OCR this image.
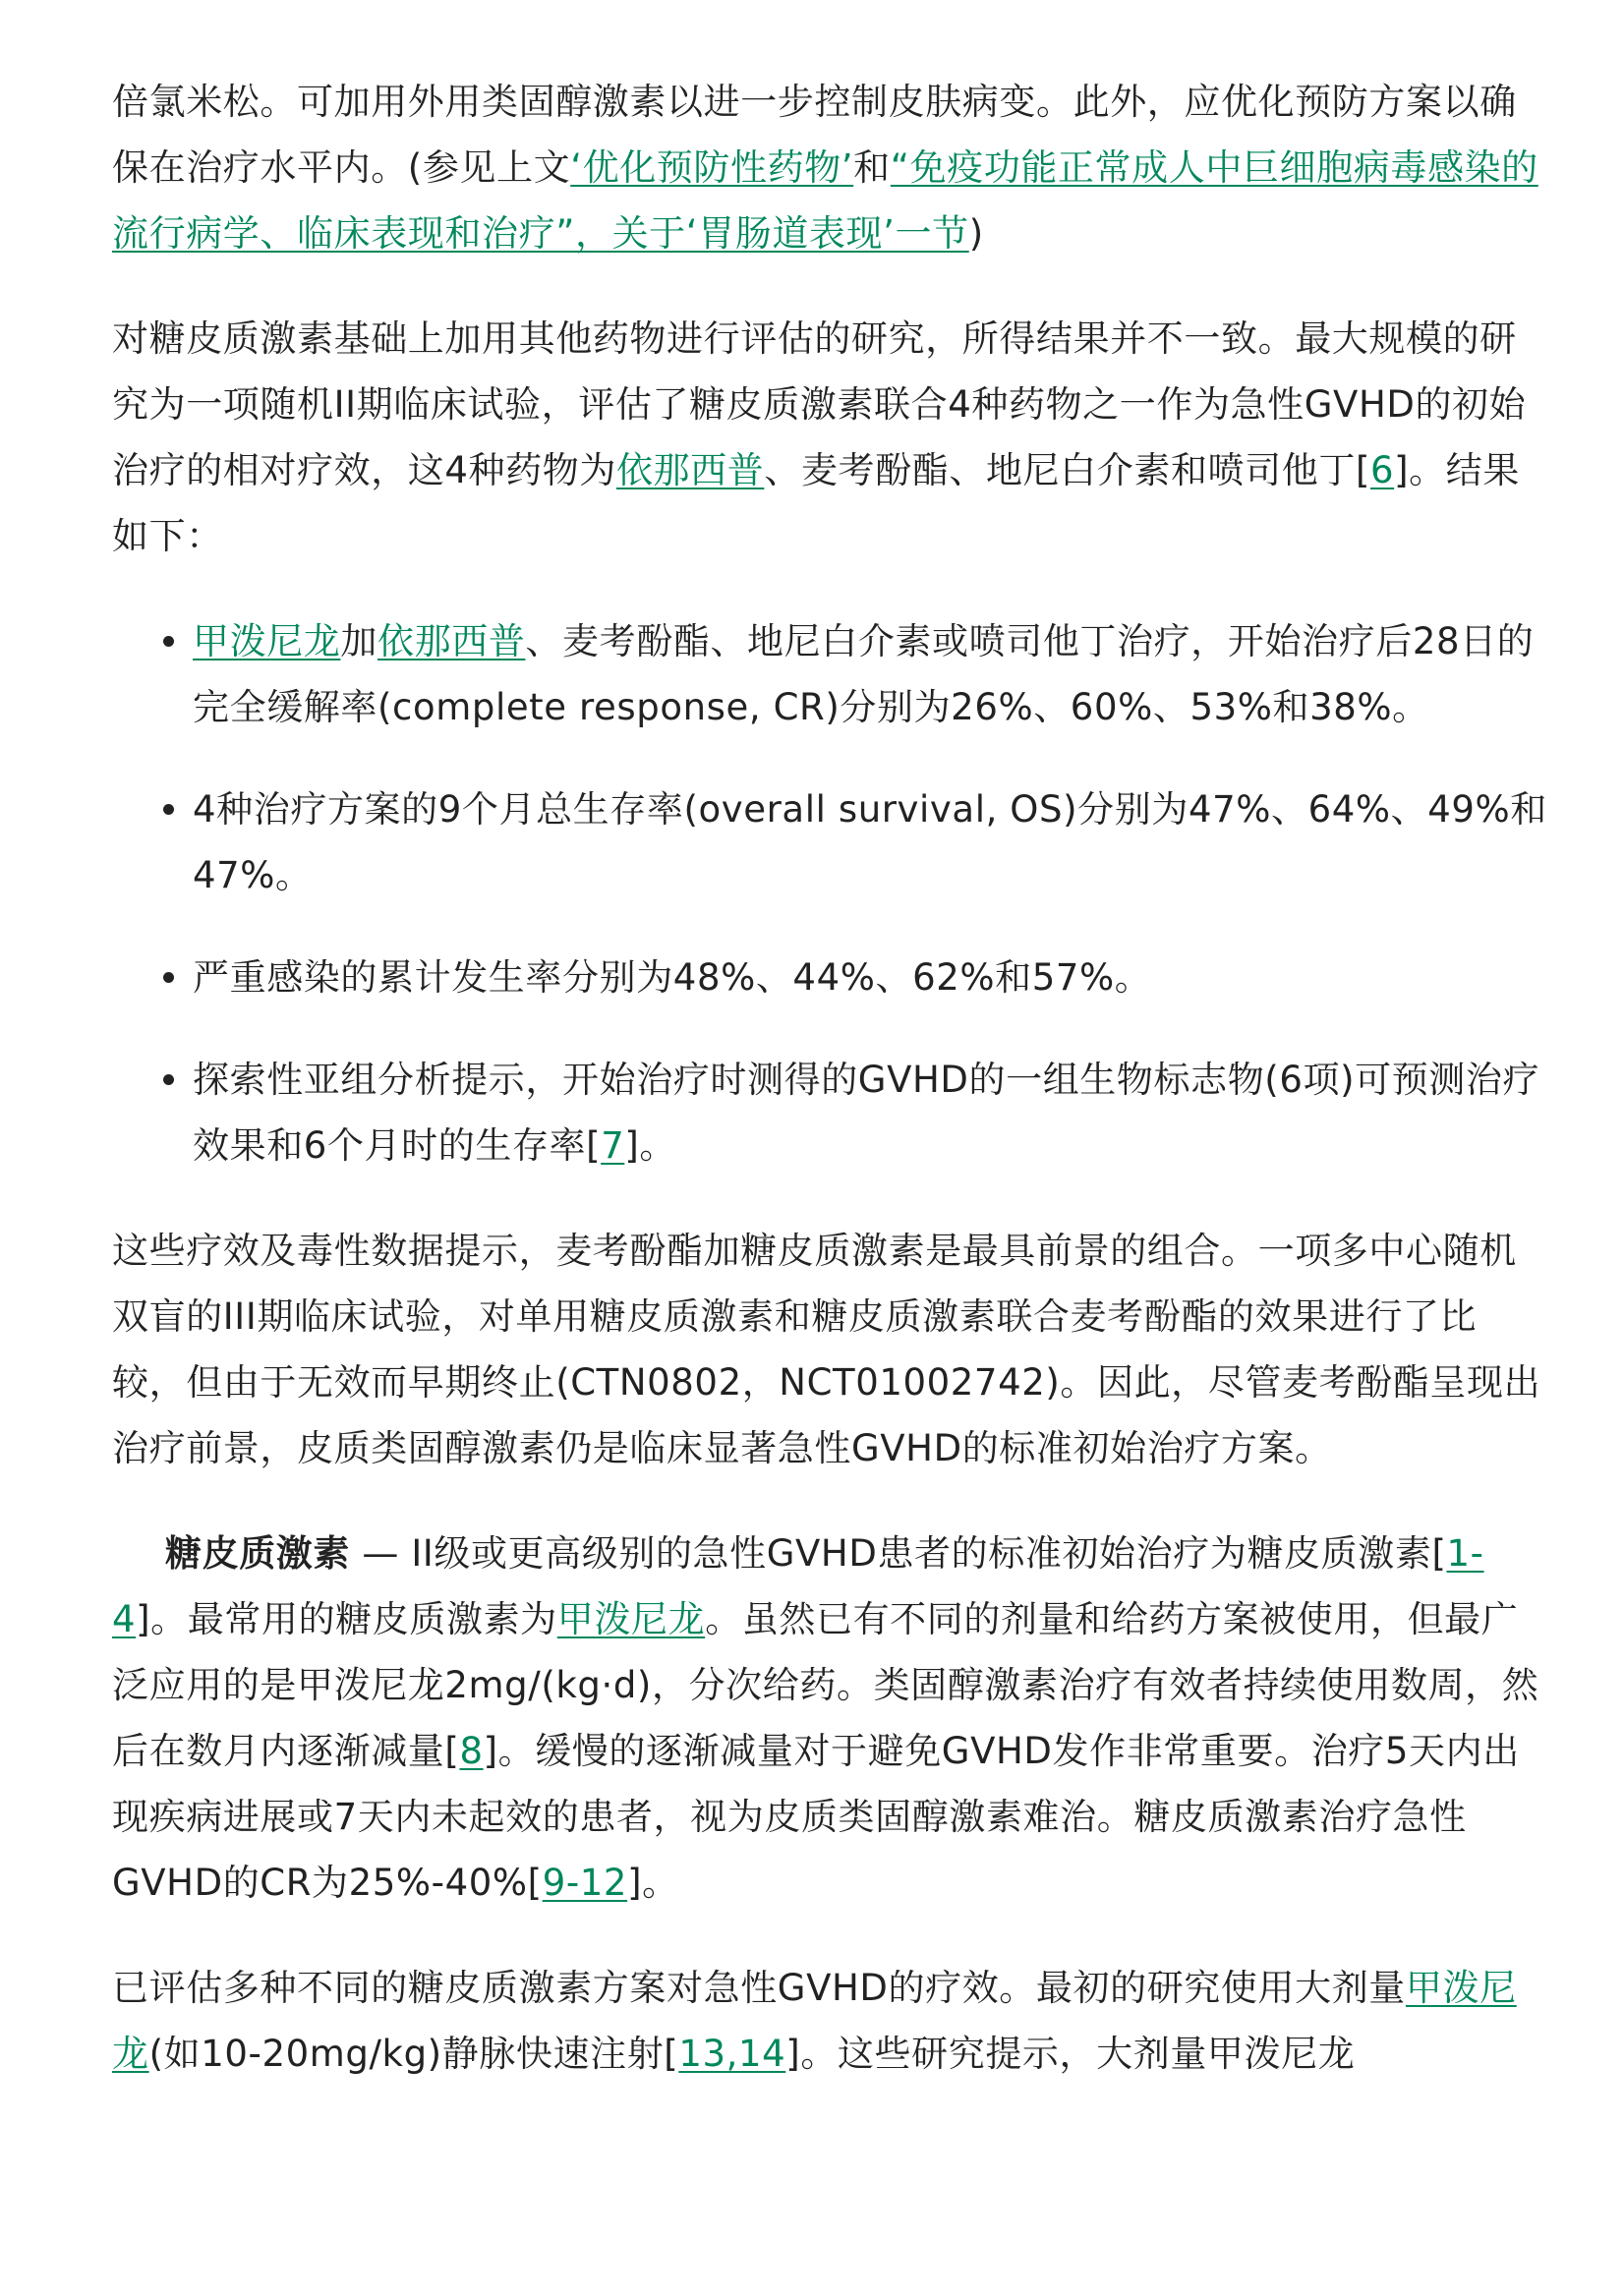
倍氯米松。可加用外用类固醇激素以进一步控制皮肤病变。此外，应优化预防方案以确保在治疗水平内。(参见上文‘优化预防性药物’和“免疫功能正常成人中巨细胞病毒感染的流行病学、临床表现和治疗”，关于‘胃肠道表现’一节)

对糖皮质激素基础上加用其他药物进行评估的研究，所得结果并不一致。最大规模的研究为一项随机II期临床试验，评估了糖皮质激素联合4种药物之一作为急性GVHD的初始治疗的相对疗效，这4种药物为依那西普、麦考酚酯、地尼白介素和喷司他丁[6]。结果如下：

甲泼尼龙加依那西普、麦考酚酯、地尼白介素或喷司他丁治疗，开始治疗后28日的完全缓解率(complete response, CR)分别为26%、60%、53%和38%。
4种治疗方案的9个月总生存率(overall survival, OS)分别为47%、64%、49%和47%。
严重感染的累计发生率分别为48%、44%、62%和57%。
探索性亚组分析提示，开始治疗时测得的GVHD的一组生物标志物(6项)可预测治疗效果和6个月时的生存率[7]。

这些疗效及毒性数据提示，麦考酚酯加糖皮质激素是最具前景的组合。一项多中心随机双盲的III期临床试验，对单用糖皮质激素和糖皮质激素联合麦考酚酯的效果进行了比较，但由于无效而早期终止(CTN0802，NCT01002742)。因此，尽管麦考酚酯呈现出治疗前景，皮质类固醇激素仍是临床显著急性GVHD的标准初始治疗方案。

糖皮质激素 — II级或更高级别的急性GVHD患者的标准初始治疗为糖皮质激素[1-4]。最常用的糖皮质激素为甲泼尼龙。虽然已有不同的剂量和给药方案被使用，但最广泛应用的是甲泼尼龙2mg/(kg·d)，分次给药。类固醇激素治疗有效者持续使用数周，然后在数月内逐渐减量[8]。缓慢的逐渐减量对于避免GVHD发作非常重要。治疗5天内出现疾病进展或7天内未起效的患者，视为皮质类固醇激素难治。糖皮质激素治疗急性GVHD的CR为25%-40%[9-12]。

已评估多种不同的糖皮质激素方案对急性GVHD的疗效。最初的研究使用大剂量甲泼尼龙(如10-20mg/kg)静脉快速注射[13,14]。这些研究提示，大剂量甲泼尼龙
